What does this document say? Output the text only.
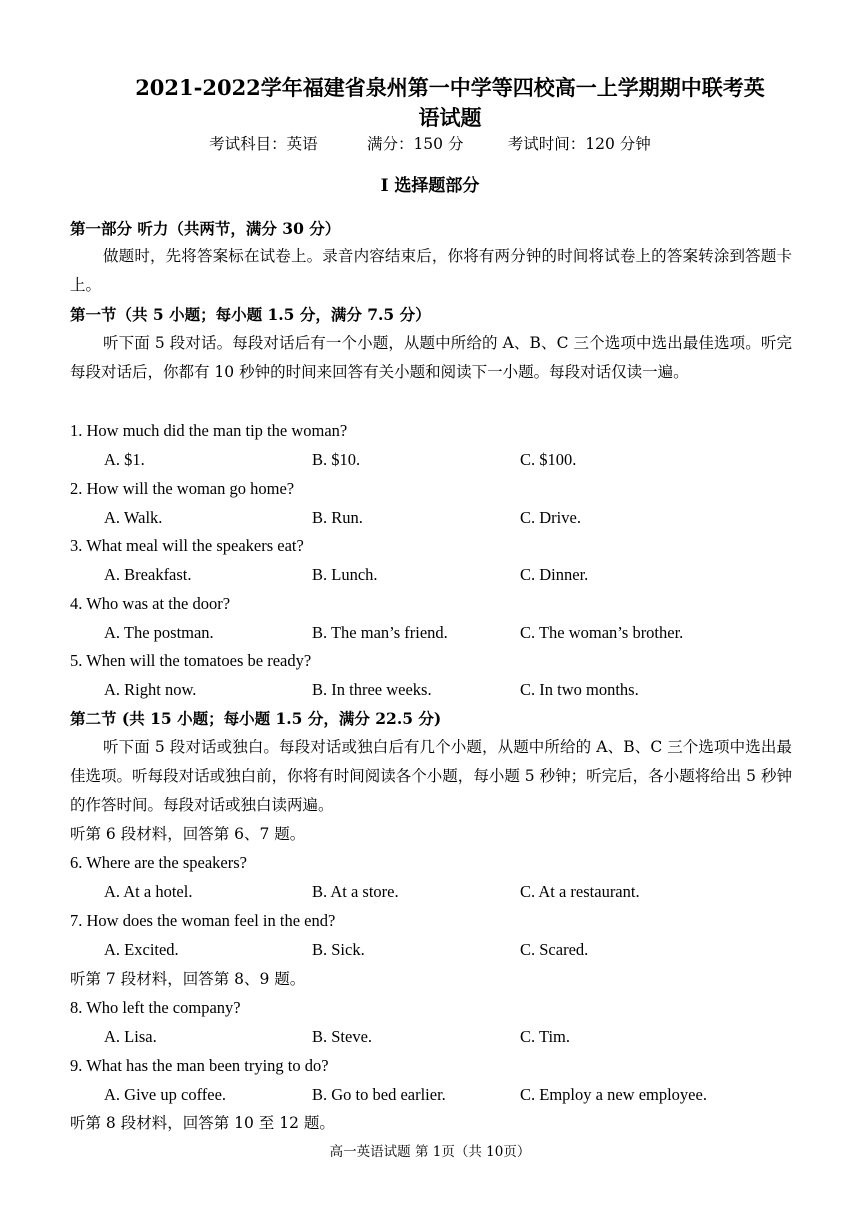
2021-2022学年福建省泉州第一中学等四校高一上学期期中联考英
语试题
考试科目：英语          满分：150 分         考试时间：120 分钟
I 选择题部分
第一部分 听力（共两节，满分 30 分）
做题时，先将答案标在试卷上。录音内容结束后，你将有两分钟的时间将试卷上的答案转涂到答题卡上。
第一节（共 5 小题；每小题 1.5 分，满分 7.5 分）
听下面 5 段对话。每段对话后有一个小题，从题中所给的 A、B、C 三个选项中选出最佳选项。听完每段对话后，你都有 10 秒钟的时间来回答有关小题和阅读下一小题。每段对话仅读一遍。
1. How much did the man tip the woman?
A. $1.	B. $10.	C. $100.
2. How will the woman go home?
A. Walk.	B. Run.	C. Drive.
3. What meal will the speakers eat?
A. Breakfast.	B. Lunch.	C. Dinner.
4. Who was at the door?
A. The postman.	B. The man’s friend.	C. The woman’s brother.
5. When will the tomatoes be ready?
A. Right now.	B. In three weeks.	C. In two months.
第二节 (共 15 小题；每小题 1.5 分，满分 22.5 分)
听下面 5 段对话或独白。每段对话或独白后有几个小题，从题中所给的 A、B、C 三个选项中选出最佳选项。听每段对话或独白前，你将有时间阅读各个小题，每小题 5 秒钟；听完后，各小题将给出 5 秒钟的作答时间。每段对话或独白读两遍。
听第 6 段材料，回答第 6、7 题。
6. Where are the speakers?
A. At a hotel.	B. At a store.	C. At a restaurant.
7. How does the woman feel in the end?
A. Excited.	B. Sick.	C. Scared.
听第 7 段材料，回答第 8、9 题。
8. Who left the company?
A. Lisa.	B. Steve.	C. Tim.
9. What has the man been trying to do?
A. Give up coffee.	B. Go to bed earlier.	C. Employ a new employee.
听第 8 段材料，回答第 10 至 12 题。
高一英语试题 第 1页（共 10页）
